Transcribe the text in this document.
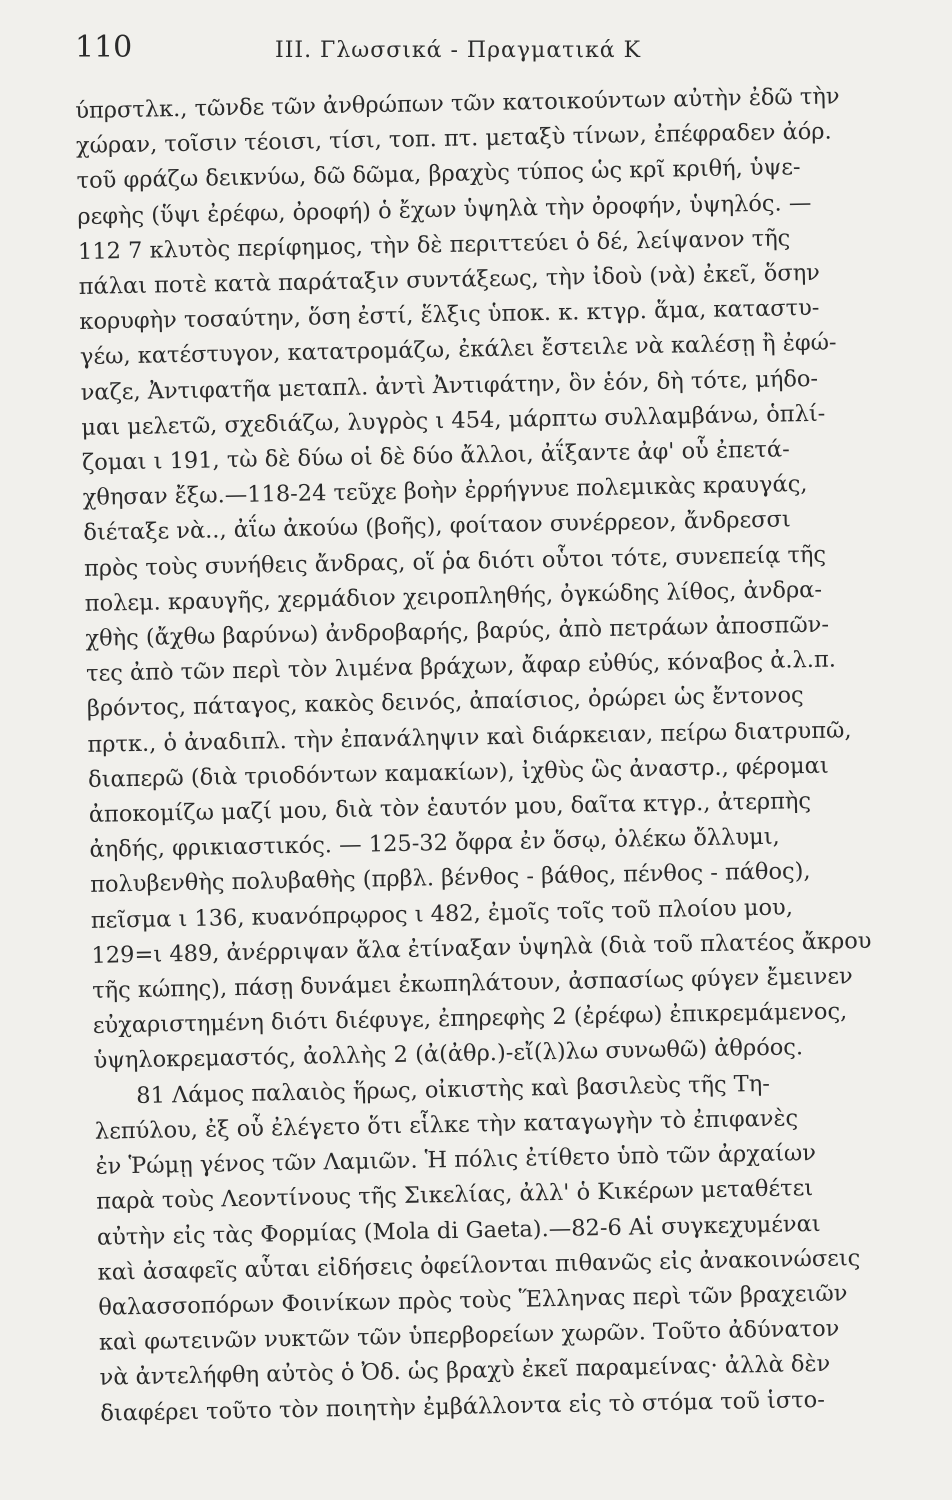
110	III. Γλωσσικά - Πραγματικά Κ
ύπρστλκ., τῶνδε τῶν ἀνθρώπων τῶν κατοικούντων αὐτὴν ἐδῶ τὴν
χώραν, τοῖσιν τέοισι, τίσι, τοπ. πτ. μεταξὺ τίνων, ἐπέφραδεν ἀόρ.
τοῦ φράζω δεικνύω, δῶ δῶμα, βραχὺς τύπος ὡς κρῖ κριθή, ὑψε-
ρεφὴς (ὕψι ἐρέφω, ὀροφή) ὁ ἔχων ὑψηλὰ τὴν ὀροφήν, ὑψηλός. —
112 7 κλυτὸς περίφημος, τὴν δὲ περιττεύει ὁ δέ, λείψανον τῆς
πάλαι ποτὲ κατὰ παράταξιν συντάξεως, τὴν ἰδοὺ (νὰ) ἐκεῖ, ὅσην
κορυφὴν τοσαύτην, ὅση ἐστί, ἕλξις ὑποκ. κ. κτγρ. ἅμα, καταστυ-
γέω, κατέστυγον, κατατρομάζω, ἐκάλει ἔστειλε νὰ καλέσῃ ἢ ἐφώ-
ναζε, Ἀντιφατῆα μεταπλ. ἀντὶ Ἀντιφάτην, ὃν ἑόν, δὴ τότε, μήδο-
μαι μελετῶ, σχεδιάζω, λυγρὸς ι 454, μάρπτω συλλαμβάνω, ὁπλί-
ζομαι ι 191, τὼ δὲ δύω οἱ δὲ δύο ἄλλοι, ἀΐξαντε ἀφ' οὗ ἐπετά-
χθησαν ἔξω.—118-24 τεῦχε βοὴν ἐρρήγνυε πολεμικὰς κραυγάς,
διέταξε νὰ.., ἀΐω ἀκούω (βοῆς), φοίταον συνέρρεον, ἄνδρεσσι
πρὸς τοὺς συνήθεις ἄνδρας, οἵ ῥα διότι οὗτοι τότε, συνεπείᾳ τῆς
πολεμ. κραυγῆς, χερμάδιον χειροπληθής, ὀγκώδης λίθος, ἀνδρα-
χθὴς (ἄχθω βαρύνω) ἀνδροβαρής, βαρύς, ἀπὸ πετράων ἀποσπῶν-
τες ἀπὸ τῶν περὶ τὸν λιμένα βράχων, ἄφαρ εὐθύς, κόναβος ἀ.λ.π.
βρόντος, πάταγος, κακὸς δεινός, ἀπαίσιος, ὀρώρει ὡς ἔντονος
πρτκ., ὁ ἀναδιπλ. τὴν ἐπανάληψιν καὶ διάρκειαν, πείρω διατρυπῶ,
διαπερῶ (διὰ τριοδόντων καμακίων), ἰχθὺς ὣς ἀναστρ., φέρομαι
ἀποκομίζω μαζί μου, διὰ τὸν ἑαυτόν μου, δαῖτα κτγρ., ἀτερπὴς
ἀηδής, φρικιαστικός. — 125-32 ὄφρα ἐν ὅσῳ, ὀλέκω ὄλλυμι,
πολυβενθὴς πολυβαθὴς (πρβλ. βένθος - βάθος, πένθος - πάθος),
πεῖσμα ι 136, κυανόπρῳρος ι 482, ἐμοῖς τοῖς τοῦ πλοίου μου,
129=ι 489, ἀνέρριψαν ἅλα ἐτίναξαν ὑψηλὰ (διὰ τοῦ πλατέος ἄκρου
τῆς κώπης), πάσῃ δυνάμει ἐκωπηλάτουν, ἀσπασίως φύγεν ἔμεινεν
εὐχαριστημένη διότι διέφυγε, ἐπηρεφὴς 2 (ἐρέφω) ἐπικρεμάμενος,
ὑψηλοκρεμαστός, ἀολλὴς 2 (ἀ(ἀθρ.)-εἴ(λ)λω συνωθῶ) ἀθρόος.
81 Λάμος παλαιὸς ἥρως, οἰκιστὴς καὶ βασιλεὺς τῆς Τη-
λεπύλου, ἐξ οὗ ἐλέγετο ὅτι εἷλκε τὴν καταγωγὴν τὸ ἐπιφανὲς
ἐν Ῥώμῃ γένος τῶν Λαμιῶν. Ἡ πόλις ἐτίθετο ὑπὸ τῶν ἀρχαίων
παρὰ τοὺς Λεοντίνους τῆς Σικελίας, ἀλλ' ὁ Κικέρων μεταθέτει
αὐτὴν εἰς τὰς Φορμίας (Mola di Gaeta).—82-6 Αἱ συγκεχυμέναι
καὶ ἀσαφεῖς αὗται εἰδήσεις ὀφείλονται πιθανῶς εἰς ἀνακοινώσεις
θαλασσοπόρων Φοινίκων πρὸς τοὺς Ἕλληνας περὶ τῶν βραχειῶν
καὶ φωτεινῶν νυκτῶν τῶν ὑπερβορείων χωρῶν. Τοῦτο ἀδύνατον
νὰ ἀντελήφθη αὐτὸς ὁ Ὀδ. ὡς βραχὺ ἐκεῖ παραμείνας· ἀλλὰ δὲν
διαφέρει τοῦτο τὸν ποιητὴν ἐμβάλλοντα εἰς τὸ στόμα τοῦ ἱστο-
